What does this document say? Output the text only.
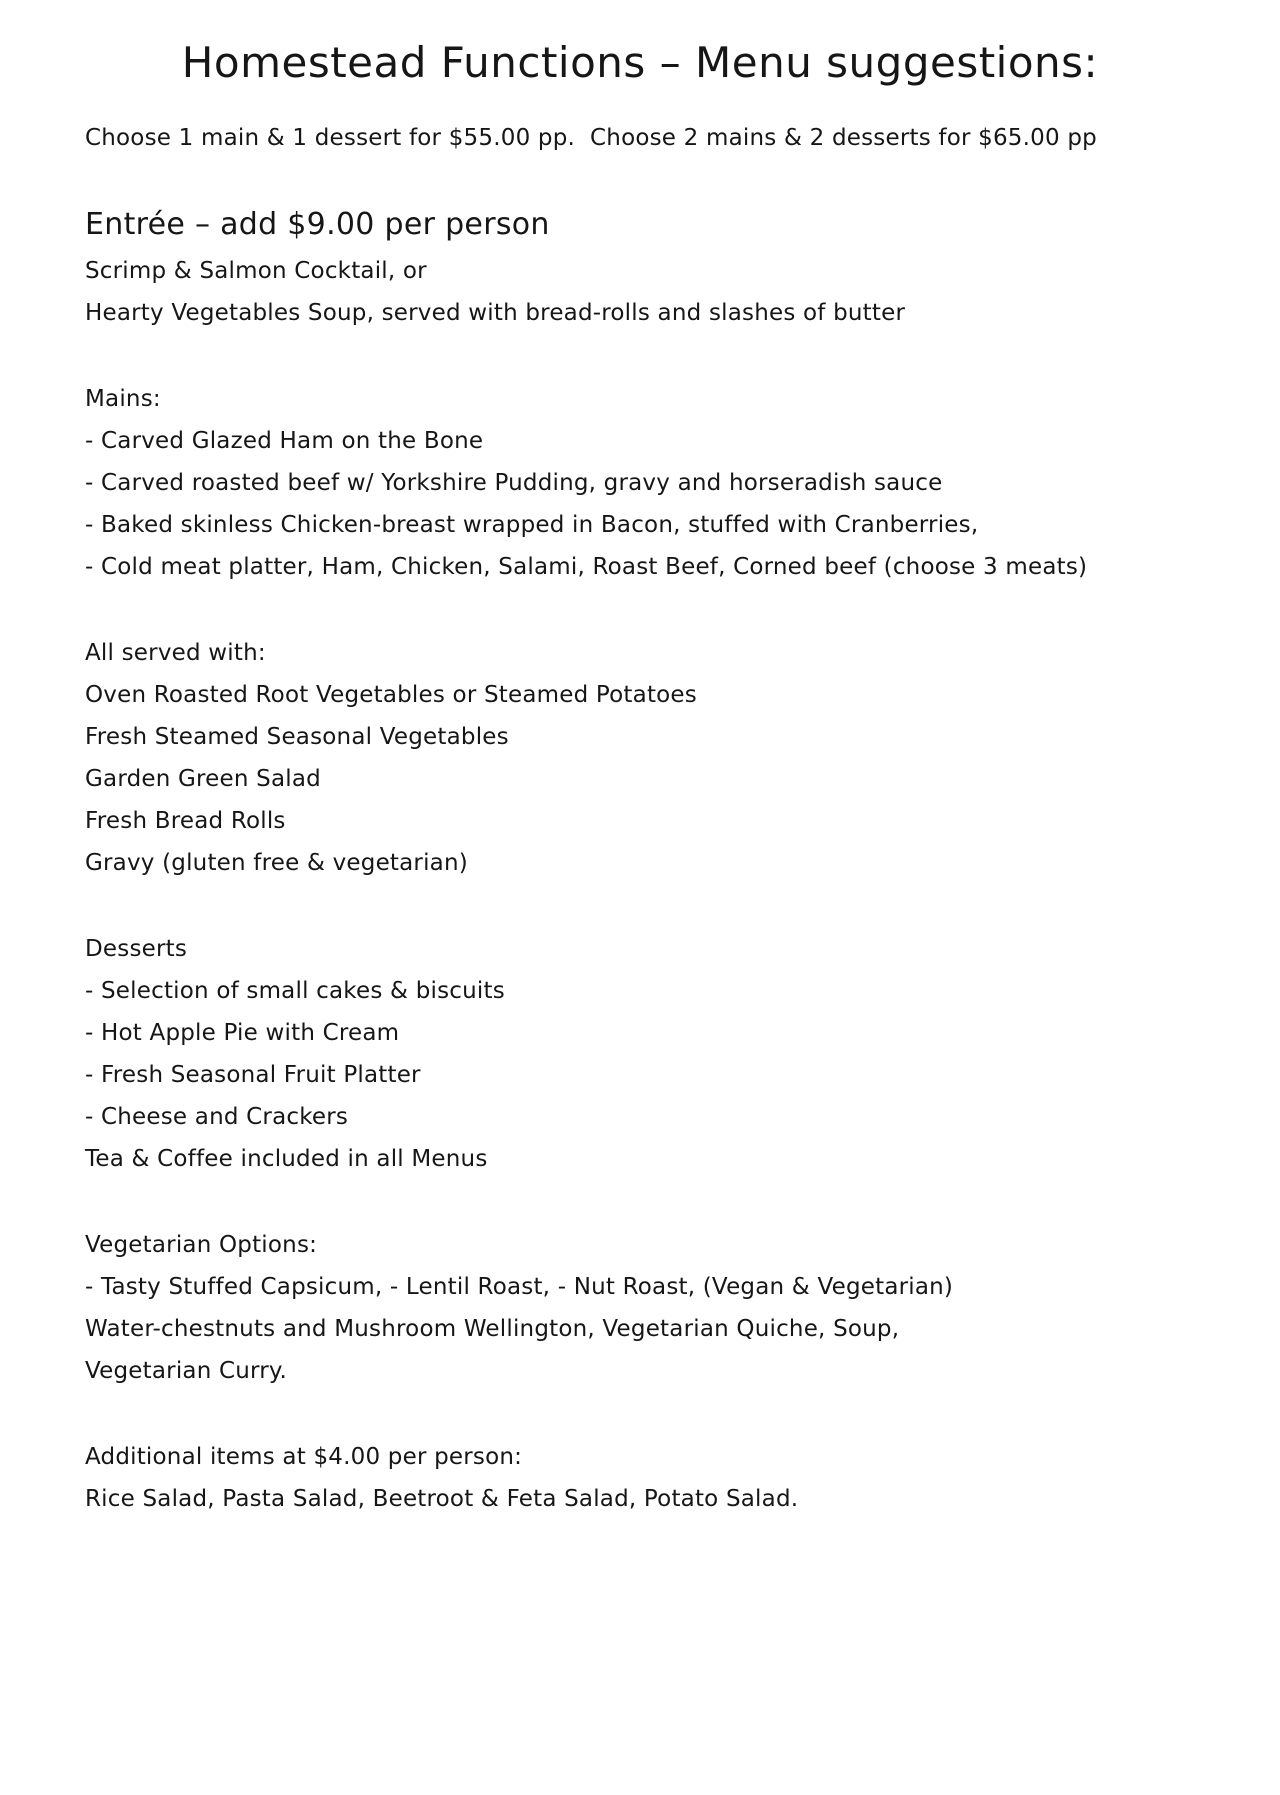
Homestead Functions – Menu suggestions:

Choose 1 main & 1 dessert for $55.00 pp.  Choose 2 mains & 2 desserts for $65.00 pp

Entrée – add $9.00 per person

Scrimp & Salmon Cocktail, or

Hearty Vegetables Soup, served with bread-rolls and slashes of butter

Mains:

- Carved Glazed Ham on the Bone

- Carved roasted beef w/ Yorkshire Pudding, gravy and horseradish sauce

- Baked skinless Chicken-breast wrapped in Bacon, stuffed with Cranberries,

- Cold meat platter, Ham, Chicken, Salami, Roast Beef, Corned beef (choose 3 meats)

All served with:

Oven Roasted Root Vegetables or Steamed Potatoes

Fresh Steamed Seasonal Vegetables

Garden Green Salad

Fresh Bread Rolls

Gravy (gluten free & vegetarian)

Desserts

- Selection of small cakes & biscuits

- Hot Apple Pie with Cream

- Fresh Seasonal Fruit Platter

- Cheese and Crackers

Tea & Coffee included in all Menus

Vegetarian Options:

- Tasty Stuffed Capsicum, - Lentil Roast, - Nut Roast, (Vegan & Vegetarian)

Water-chestnuts and Mushroom Wellington, Vegetarian Quiche, Soup,

Vegetarian Curry.

Additional items at $4.00 per person:

Rice Salad, Pasta Salad, Beetroot & Feta Salad, Potato Salad.
